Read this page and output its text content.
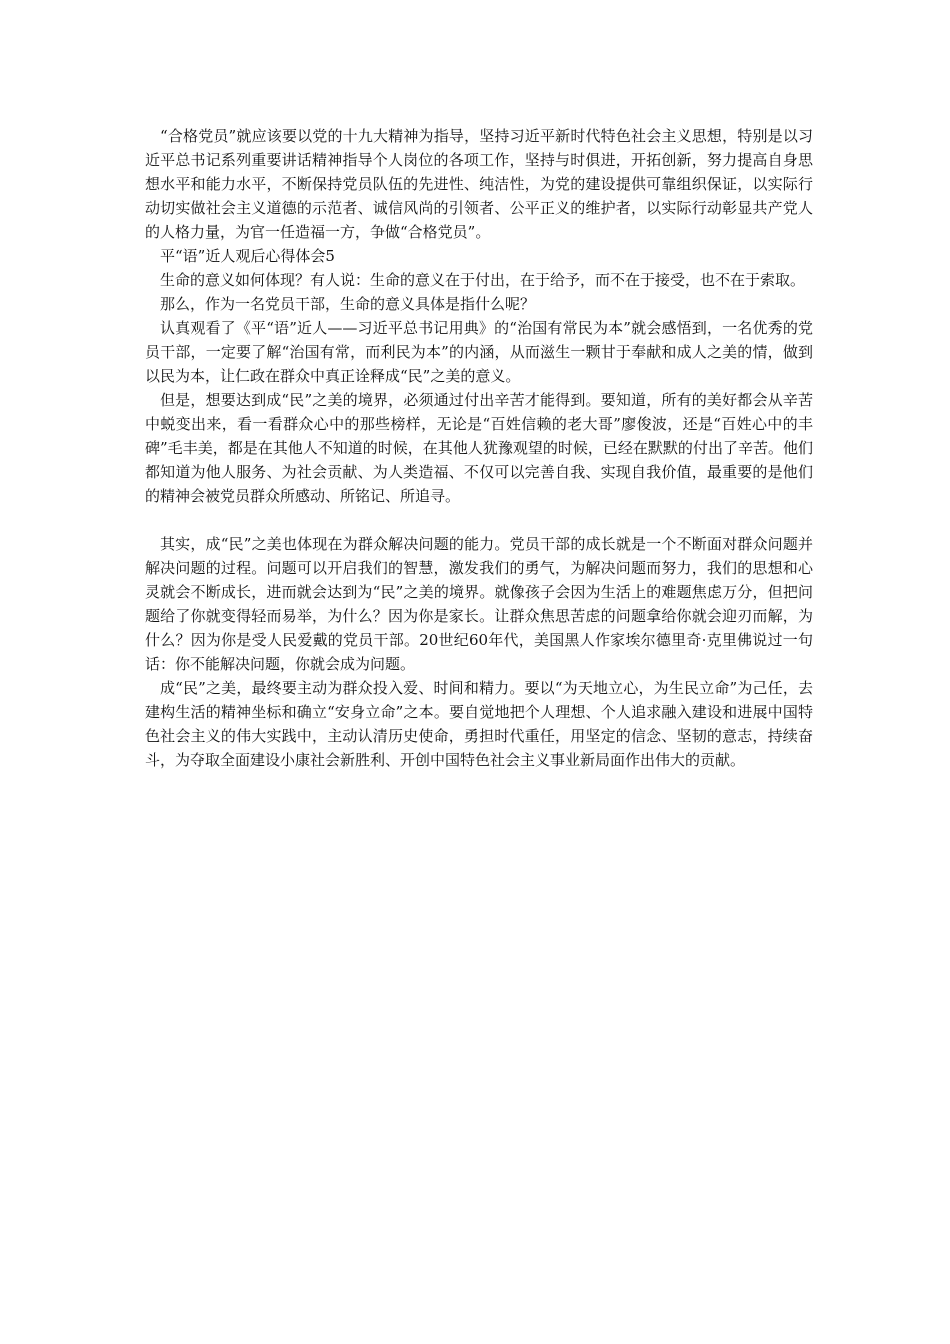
“合格党员”就应该要以党的十九大精神为指导，坚持习近平新时代特色社会主义思想，特别是以习近平总书记系列重要讲话精神指导个人岗位的各项工作，坚持与时俱进，开拓创新，努力提高自身思想水平和能力水平，不断保持党员队伍的先进性、纯洁性，为党的建设提供可靠组织保证，以实际行动切实做社会主义道德的示范者、诚信风尚的引领者、公平正义的维护者，以实际行动彰显共产党人的人格力量，为官一任造福一方，争做“合格党员”。

平“语”近人观后心得体会5

生命的意义如何体现？有人说：生命的意义在于付出，在于给予，而不在于接受，也不在于索取。

那么，作为一名党员干部，生命的意义具体是指什么呢？

认真观看了《平“语”近人——习近平总书记用典》的“治国有常民为本”就会感悟到，一名优秀的党员干部，一定要了解“治国有常，而利民为本”的内涵，从而滋生一颗甘于奉献和成人之美的情，做到以民为本，让仁政在群众中真正诠释成“民”之美的意义。

但是，想要达到成“民”之美的境界，必须通过付出辛苦才能得到。要知道，所有的美好都会从辛苦中蜕变出来，看一看群众心中的那些榜样，无论是“百姓信赖的老大哥”廖俊波，还是“百姓心中的丰碑”毛丰美，都是在其他人不知道的时候，在其他人犹豫观望的时候，已经在默默的付出了辛苦。他们都知道为他人服务、为社会贡献、为人类造福、不仅可以完善自我、实现自我价值，最重要的是他们的精神会被党员群众所感动、所铭记、所追寻。

其实，成“民”之美也体现在为群众解决问题的能力。党员干部的成长就是一个不断面对群众问题并解决问题的过程。问题可以开启我们的智慧，激发我们的勇气，为解决问题而努力，我们的思想和心灵就会不断成长，进而就会达到为“民”之美的境界。就像孩子会因为生活上的难题焦虑万分，但把问题给了你就变得轻而易举，为什么？因为你是家长。让群众焦思苦虑的问题拿给你就会迎刃而解，为什么？因为你是受人民爱戴的党员干部。20世纪60年代，美国黑人作家埃尔德里奇·克里佛说过一句话：你不能解决问题，你就会成为问题。

成“民”之美，最终要主动为群众投入爱、时间和精力。要以“为天地立心，为生民立命”为己任，去建构生活的精神坐标和确立“安身立命”之本。要自觉地把个人理想、个人追求融入建设和进展中国特色社会主义的伟大实践中，主动认清历史使命，勇担时代重任，用坚定的信念、坚韧的意志，持续奋斗，为夺取全面建设小康社会新胜利、开创中国特色社会主义事业新局面作出伟大的贡献。
